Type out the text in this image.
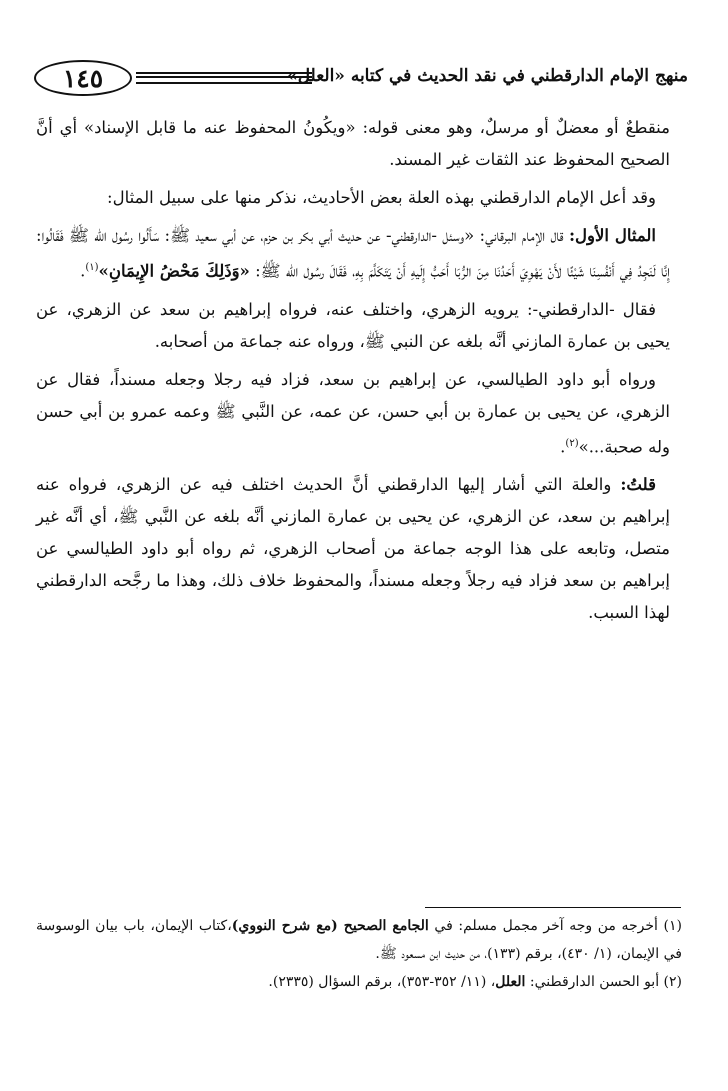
١٤٥	منهج الإمام الدارقطني في نقد الحديث في كتابه «العلل»

منقطعٌ أو معضلٌ أو مرسلٌ، وهو معنى قوله: «ويكُونُ المحفوظ عنه ما قابل الإسناد» أي أنَّ الصحيح المحفوظ عند الثقات غير المسند.

وقد أعل الإمام الدارقطني بهذه العلة بعض الأحاديث، نذكر منها على سبيل المثال:

المثال الأول: قال الإمام البرقاني: «وسئل -الدارقطني- عن حديث أبي بكر بن حزم، عن أبي سعيد ﷺ: سَأَلُوا رسُول الله ﷺ فَقَالُوا: إِنَّا لَنَجِدُ فِي أَنْفُسِنَا شَيْئًا لأَنْ يَهْوِيَ أَحَدُنَا مِنَ الرُّبَا أَحَبُّ إِلَيهِ أَنْ يَتَكَلَّمَ بِهِ، فَقَالَ رسُول الله ﷺ: «وَذَلِكَ مَحْضُ الإِيمَانِ»$^{(١)}$.

فقال -الدارقطني-: يرويه الزهري، واختلف عنه، فرواه إبراهيم بن سعد عن الزهري، عن يحيى بن عمارة المازني أنَّه بلغه عن النبي ﷺ، ورواه عنه جماعة من أصحابه.

ورواه أبو داود الطيالسي، عن إبراهيم بن سعد، فزاد فيه رجلا وجعله مسنداً، فقال عن الزهري، عن يحيى بن عمارة بن أبي حسن، عن عمه، عن النَّبي ﷺ وعمه عمرو بن أبي حسن وله صحبة...»$^{(٢)}$.

قلتُ: والعلة التي أشار إليها الدارقطني أنَّ الحديث اختلف فيه عن الزهري، فرواه عنه إبراهيم بن سعد، عن الزهري، عن يحيى بن عمارة المازني أنَّه بلغه عن النَّبي ﷺ، أي أنَّه غير متصل، وتابعه على هذا الوجه جماعة من أصحاب الزهري، ثم رواه أبو داود الطيالسي عن إبراهيم بن سعد فزاد فيه رجلاً وجعله مسنداً، والمحفوظ خلاف ذلك، وهذا ما رجَّحه الدارقطني لهذا السبب.

(١) أخرجه من وجه آخر مجمل مسلم: في الجامع الصحيح (مع شرح النووي)،كتاب الإيمان، باب بيان الوسوسة في الإيمان، (١/ ٤٣٠)، برقم (١٣٣)، من حديث ابن مسعود ﷺ.

(٢) أبو الحسن الدارقطني: العلل، (١١/ ٣٥٢-٣٥٣)، برقم السؤال (٢٣٣٥).
